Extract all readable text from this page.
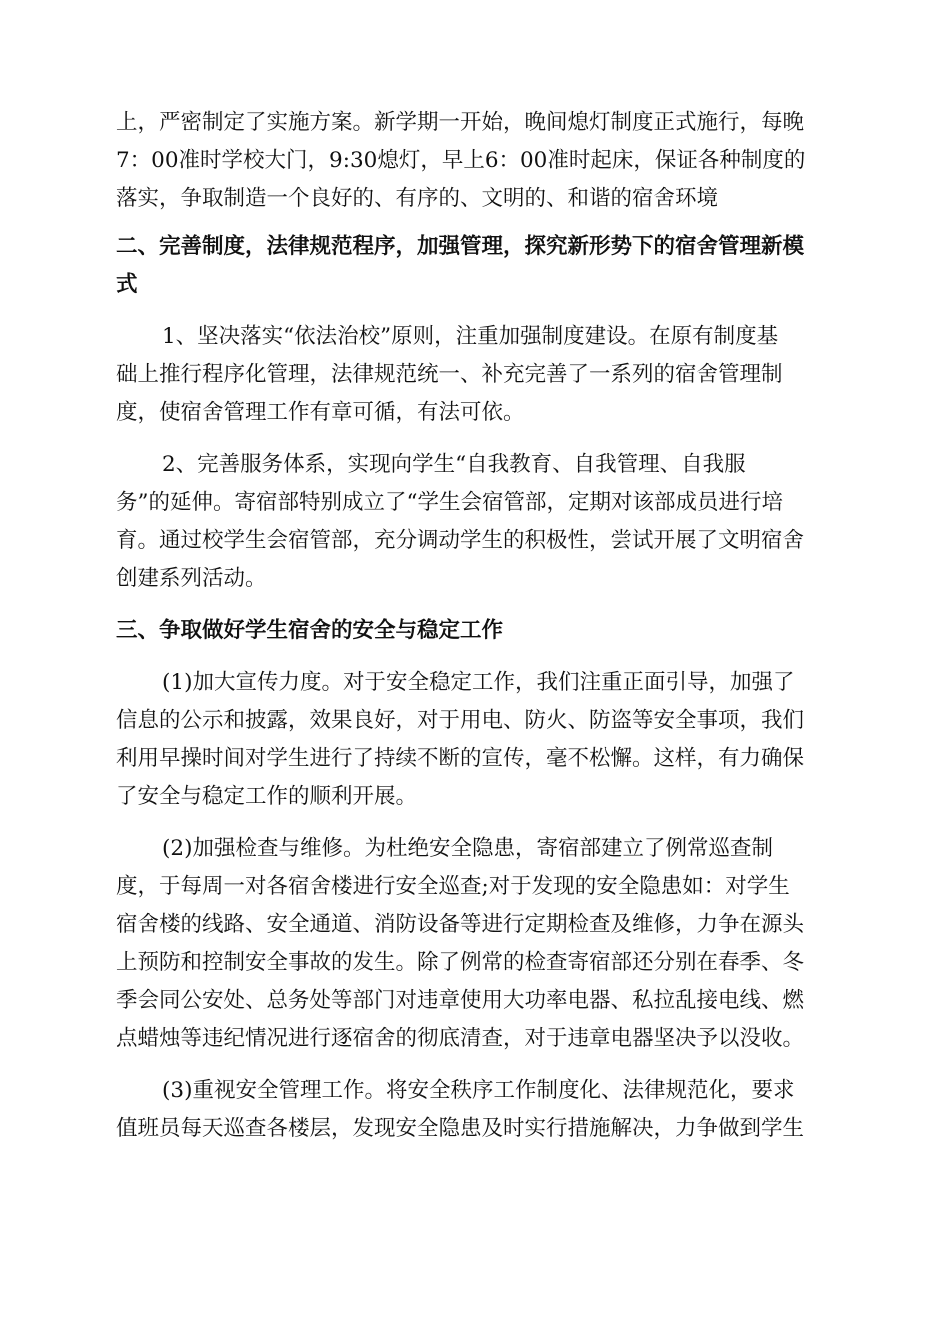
上，严密制定了实施方案。新学期一开始，晚间熄灯制度正式施行，每晚
7：00准时学校大门，9:30熄灯，早上6：00准时起床，保证各种制度的
落实，争取制造一个良好的、有序的、文明的、和谐的宿舍环境
二、完善制度，法律规范程序，加强管理，探究新形势下的宿舍管理新模
式
1、坚决落实“依法治校”原则，注重加强制度建设。在原有制度基
础上推行程序化管理，法律规范统一、补充完善了一系列的宿舍管理制
度，使宿舍管理工作有章可循，有法可依。
2、完善服务体系，实现向学生“自我教育、自我管理、自我服
务”的延伸。寄宿部特别成立了“学生会宿管部，定期对该部成员进行培
育。通过校学生会宿管部，充分调动学生的积极性，尝试开展了文明宿舍
创建系列活动。
三、争取做好学生宿舍的安全与稳定工作
(1)加大宣传力度。对于安全稳定工作，我们注重正面引导，加强了
信息的公示和披露，效果良好，对于用电、防火、防盗等安全事项，我们
利用早操时间对学生进行了持续不断的宣传，毫不松懈。这样，有力确保
了安全与稳定工作的顺利开展。
(2)加强检查与维修。为杜绝安全隐患，寄宿部建立了例常巡查制
度，于每周一对各宿舍楼进行安全巡查;对于发现的安全隐患如：对学生
宿舍楼的线路、安全通道、消防设备等进行定期检查及维修，力争在源头
上预防和控制安全事故的发生。除了例常的检查寄宿部还分别在春季、冬
季会同公安处、总务处等部门对违章使用大功率电器、私拉乱接电线、燃
点蜡烛等违纪情况进行逐宿舍的彻底清查，对于违章电器坚决予以没收。
(3)重视安全管理工作。将安全秩序工作制度化、法律规范化，要求
值班员每天巡查各楼层，发现安全隐患及时实行措施解决，力争做到学生
